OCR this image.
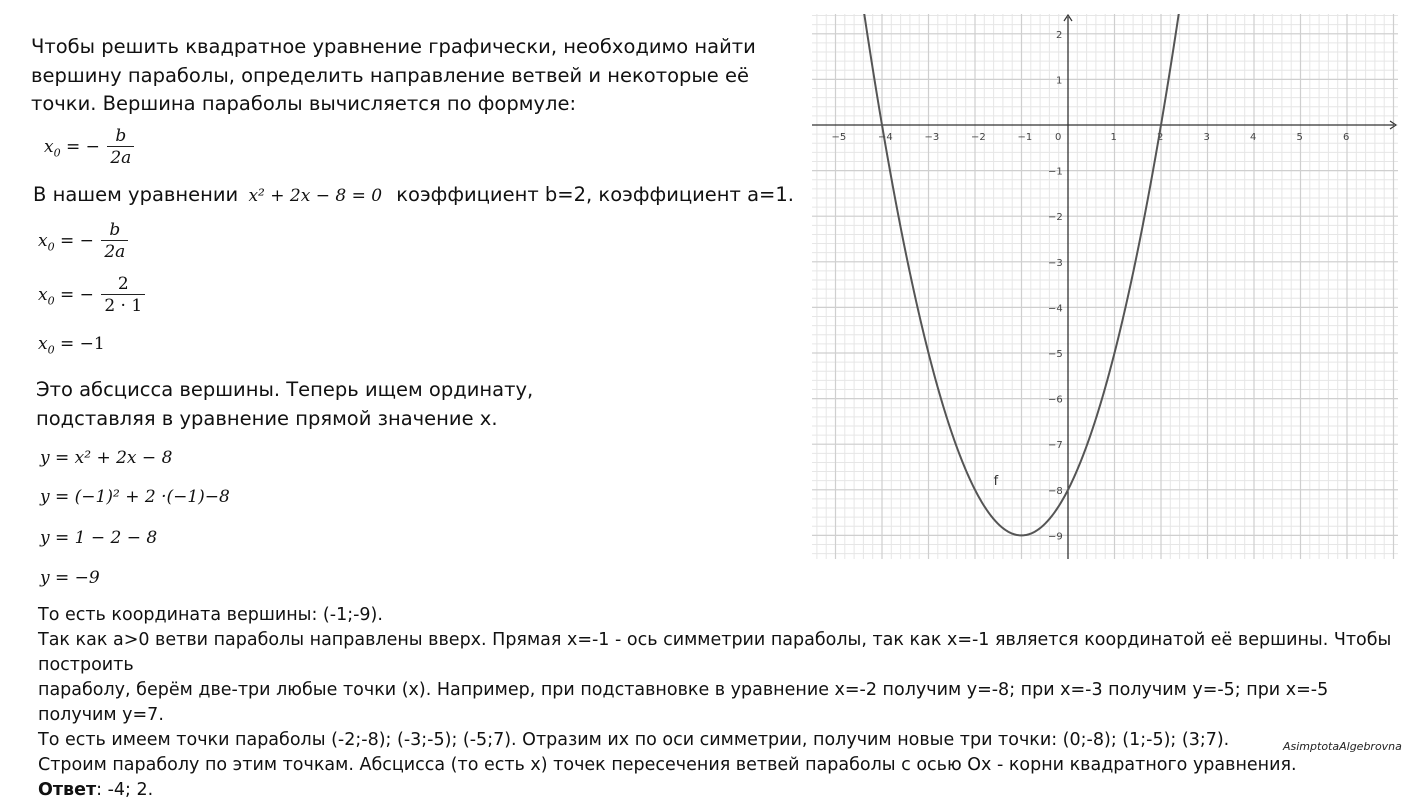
Чтобы решить квадратное уравнение графически, необходимо найти
вершину параболы, определить направление ветвей и некоторые её
точки. Вершина параболы вычисляется по формуле:
$x_0$ = − $\frac{b}{2a}$
В нашем уравнении x² + 2x − 8 = 0 коэффициент b=2, коэффициент a=1.
$x_0$ = − $\frac{b}{2a}$
$x_0$ = − $\frac{2}{2 \cdot 1}$
$x_0 = -1$
Это абсцисса вершины. Теперь ищем ординату,
подставляя в уравнение прямой значение x.
y = x² + 2x − 8
y = (−1)² + 2 ·(−1)−8
y = 1 − 2 − 8
y = −9
То есть координата вершины: (-1;-9).
Так как а>0 ветви параболы направлены вверх. Прямая x=-1 - ось симметрии параболы, так как x=-1 является координатой её вершины. Чтобы построить
параболу, берём две-три любые точки (x). Например, при подставновке в уравнение x=-2 получим y=-8; при x=-3 получим y=-5; при x=-5 получим y=7.
То есть имеем точки параболы (-2;-8); (-3;-5); (-5;7). Отразим их по оси симметрии, получим новые три точки: (0;-8); (1;-5); (3;7).
Строим параболу по этим точкам. Абсцисса (то есть x) точек пересечения ветвей параболы с осью Ox - корни квадратного уравнения.
Ответ: -4; 2.
AsimptotaAlgebrovna
−5	−4	−3	−2	−1 0	1	2	3	4	5	6
2
1
−1
−2
−3
−4
−5
−6
−7
−8
−9
f
